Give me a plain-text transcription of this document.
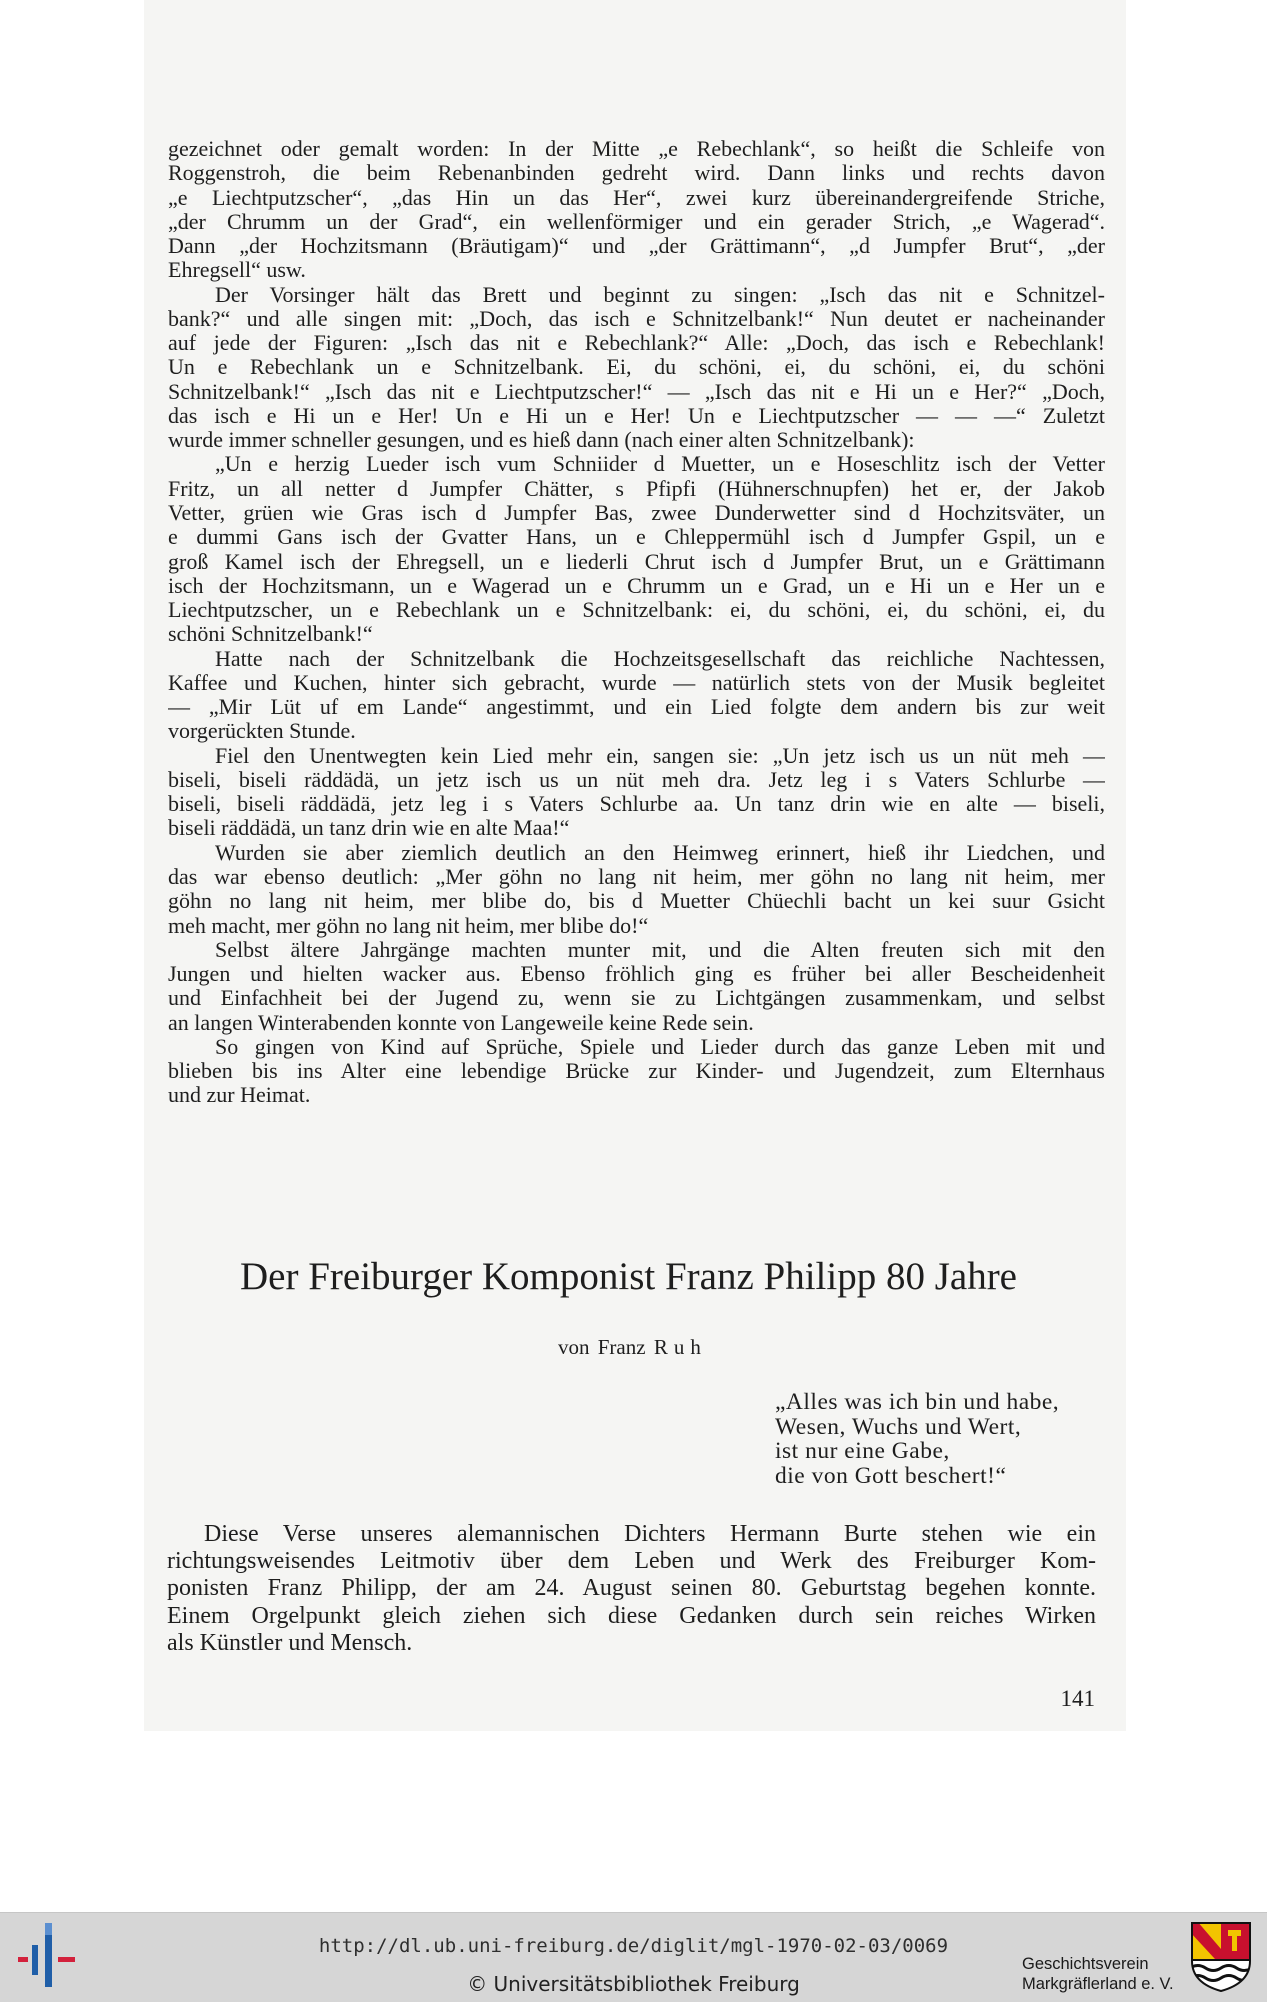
gezeichnet oder gemalt worden: In der Mitte „e Rebechlank“, so heißt die Schleife von
Roggenstroh, die beim Rebenanbinden gedreht wird. Dann links und rechts davon
„e Liechtputzscher“, „das Hin un das Her“, zwei kurz übereinandergreifende Striche,
„der Chrumm un der Grad“, ein wellenförmiger und ein gerader Strich, „e Wagerad“.
Dann „der Hochzitsmann (Bräutigam)“ und „der Grättimann“, „d Jumpfer Brut“, „der
Ehregsell“ usw.
Der Vorsinger hält das Brett und beginnt zu singen: „Isch das nit e Schnitzel-
bank?“ und alle singen mit: „Doch, das isch e Schnitzelbank!“ Nun deutet er nacheinander
auf jede der Figuren: „Isch das nit e Rebechlank?“ Alle: „Doch, das isch e Rebechlank!
Un e Rebechlank un e Schnitzelbank. Ei, du schöni, ei, du schöni, ei, du schöni
Schnitzelbank!“ „Isch das nit e Liechtputzscher!“ — „Isch das nit e Hi un e Her?“ „Doch,
das isch e Hi un e Her! Un e Hi un e Her! Un e Liechtputzscher — — —“ Zuletzt
wurde immer schneller gesungen, und es hieß dann (nach einer alten Schnitzelbank):
„Un e herzig Lueder isch vum Schniider d Muetter, un e Hoseschlitz isch der Vetter
Fritz, un all netter d Jumpfer Chätter, s Pfipfi (Hühnerschnupfen) het er, der Jakob
Vetter, grüen wie Gras isch d Jumpfer Bas, zwee Dunderwetter sind d Hochzitsväter, un
e dummi Gans isch der Gvatter Hans, un e Chleppermühl isch d Jumpfer Gspil, un e
groß Kamel isch der Ehregsell, un e liederli Chrut isch d Jumpfer Brut, un e Grättimann
isch der Hochzitsmann, un e Wagerad un e Chrumm un e Grad, un e Hi un e Her un e
Liechtputzscher, un e Rebechlank un e Schnitzelbank: ei, du schöni, ei, du schöni, ei, du
schöni Schnitzelbank!“
Hatte nach der Schnitzelbank die Hochzeitsgesellschaft das reichliche Nachtessen,
Kaffee und Kuchen, hinter sich gebracht, wurde — natürlich stets von der Musik begleitet
— „Mir Lüt uf em Lande“ angestimmt, und ein Lied folgte dem andern bis zur weit
vorgerückten Stunde.
Fiel den Unentwegten kein Lied mehr ein, sangen sie: „Un jetz isch us un nüt meh —
biseli, biseli räddädä, un jetz isch us un nüt meh dra. Jetz leg i s Vaters Schlurbe —
biseli, biseli räddädä, jetz leg i s Vaters Schlurbe aa. Un tanz drin wie en alte — biseli,
biseli räddädä, un tanz drin wie en alte Maa!“
Wurden sie aber ziemlich deutlich an den Heimweg erinnert, hieß ihr Liedchen, und
das war ebenso deutlich: „Mer göhn no lang nit heim, mer göhn no lang nit heim, mer
göhn no lang nit heim, mer blibe do, bis d Muetter Chüechli bacht un kei suur Gsicht
meh macht, mer göhn no lang nit heim, mer blibe do!“
Selbst ältere Jahrgänge machten munter mit, und die Alten freuten sich mit den
Jungen und hielten wacker aus. Ebenso fröhlich ging es früher bei aller Bescheidenheit
und Einfachheit bei der Jugend zu, wenn sie zu Lichtgängen zusammenkam, und selbst
an langen Winterabenden konnte von Langeweile keine Rede sein.
So gingen von Kind auf Sprüche, Spiele und Lieder durch das ganze Leben mit und
blieben bis ins Alter eine lebendige Brücke zur Kinder- und Jugendzeit, zum Elternhaus
und zur Heimat.
Der Freiburger Komponist Franz Philipp 80 Jahre
von Franz Ruh
„Alles was ich bin und habe,
Wesen, Wuchs und Wert,
ist nur eine Gabe,
die von Gott beschert!“
Diese Verse unseres alemannischen Dichters Hermann Burte stehen wie ein
richtungsweisendes Leitmotiv über dem Leben und Werk des Freiburger Kom-
ponisten Franz Philipp, der am 24. August seinen 80. Geburtstag begehen konnte.
Einem Orgelpunkt gleich ziehen sich diese Gedanken durch sein reiches Wirken
als Künstler und Mensch.
141
http://dl.ub.uni-freiburg.de/diglit/mgl-1970-02-03/0069
© Universitätsbibliothek Freiburg
Geschichtsverein
Markgräflerland e. V.
